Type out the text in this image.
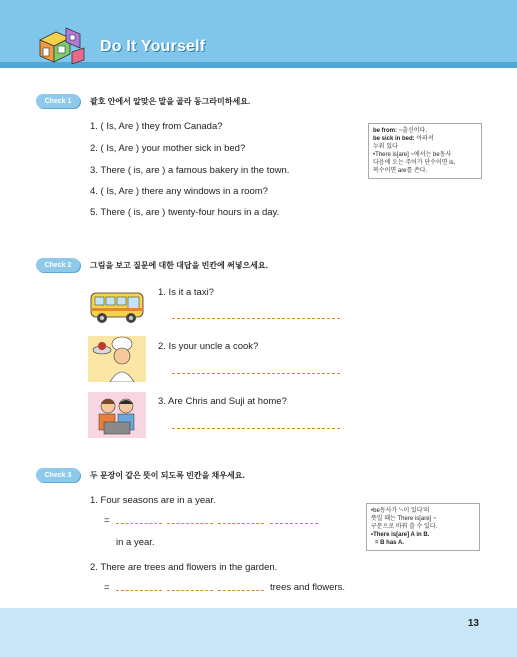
Do It Yourself
Check 1	괄호 안에서 알맞은 말을 골라 동그라미하세요.
1. ( Is, Are ) they from Canada?
2. ( Is, Are ) your mother sick in bed?
3. There ( is, are ) a famous bakery in the town.
4. ( Is, Are ) there any windows in a room?
5. There ( is, are ) twenty-four hours in a day.
be from: ~출신이다.
be sick in bed: 아파서
누워 있다
•There is[are] ~에서는 be동사
다음에 오는 주어가 단수이면 is,
복수이면 are를 쓴다.
Check 2	그림을 보고 질문에 대한 대답을 빈칸에 써넣으세요.
1. Is it a taxi?
2. Is your uncle a cook?
3. Are Chris and Suji at home?
Check 3	두 문장이 같은 뜻이 되도록 빈칸을 채우세요.
1. Four seasons are in a year.
=
in a year.
2. There are trees and flowers in the garden.
=	trees and flowers.
•be동사가 '~이 있다'의
뜻일 때는 There is[are] ~
구문으로 바꿔 쓸 수 있다.
•There is[are] A in B.
= B has A.
13
